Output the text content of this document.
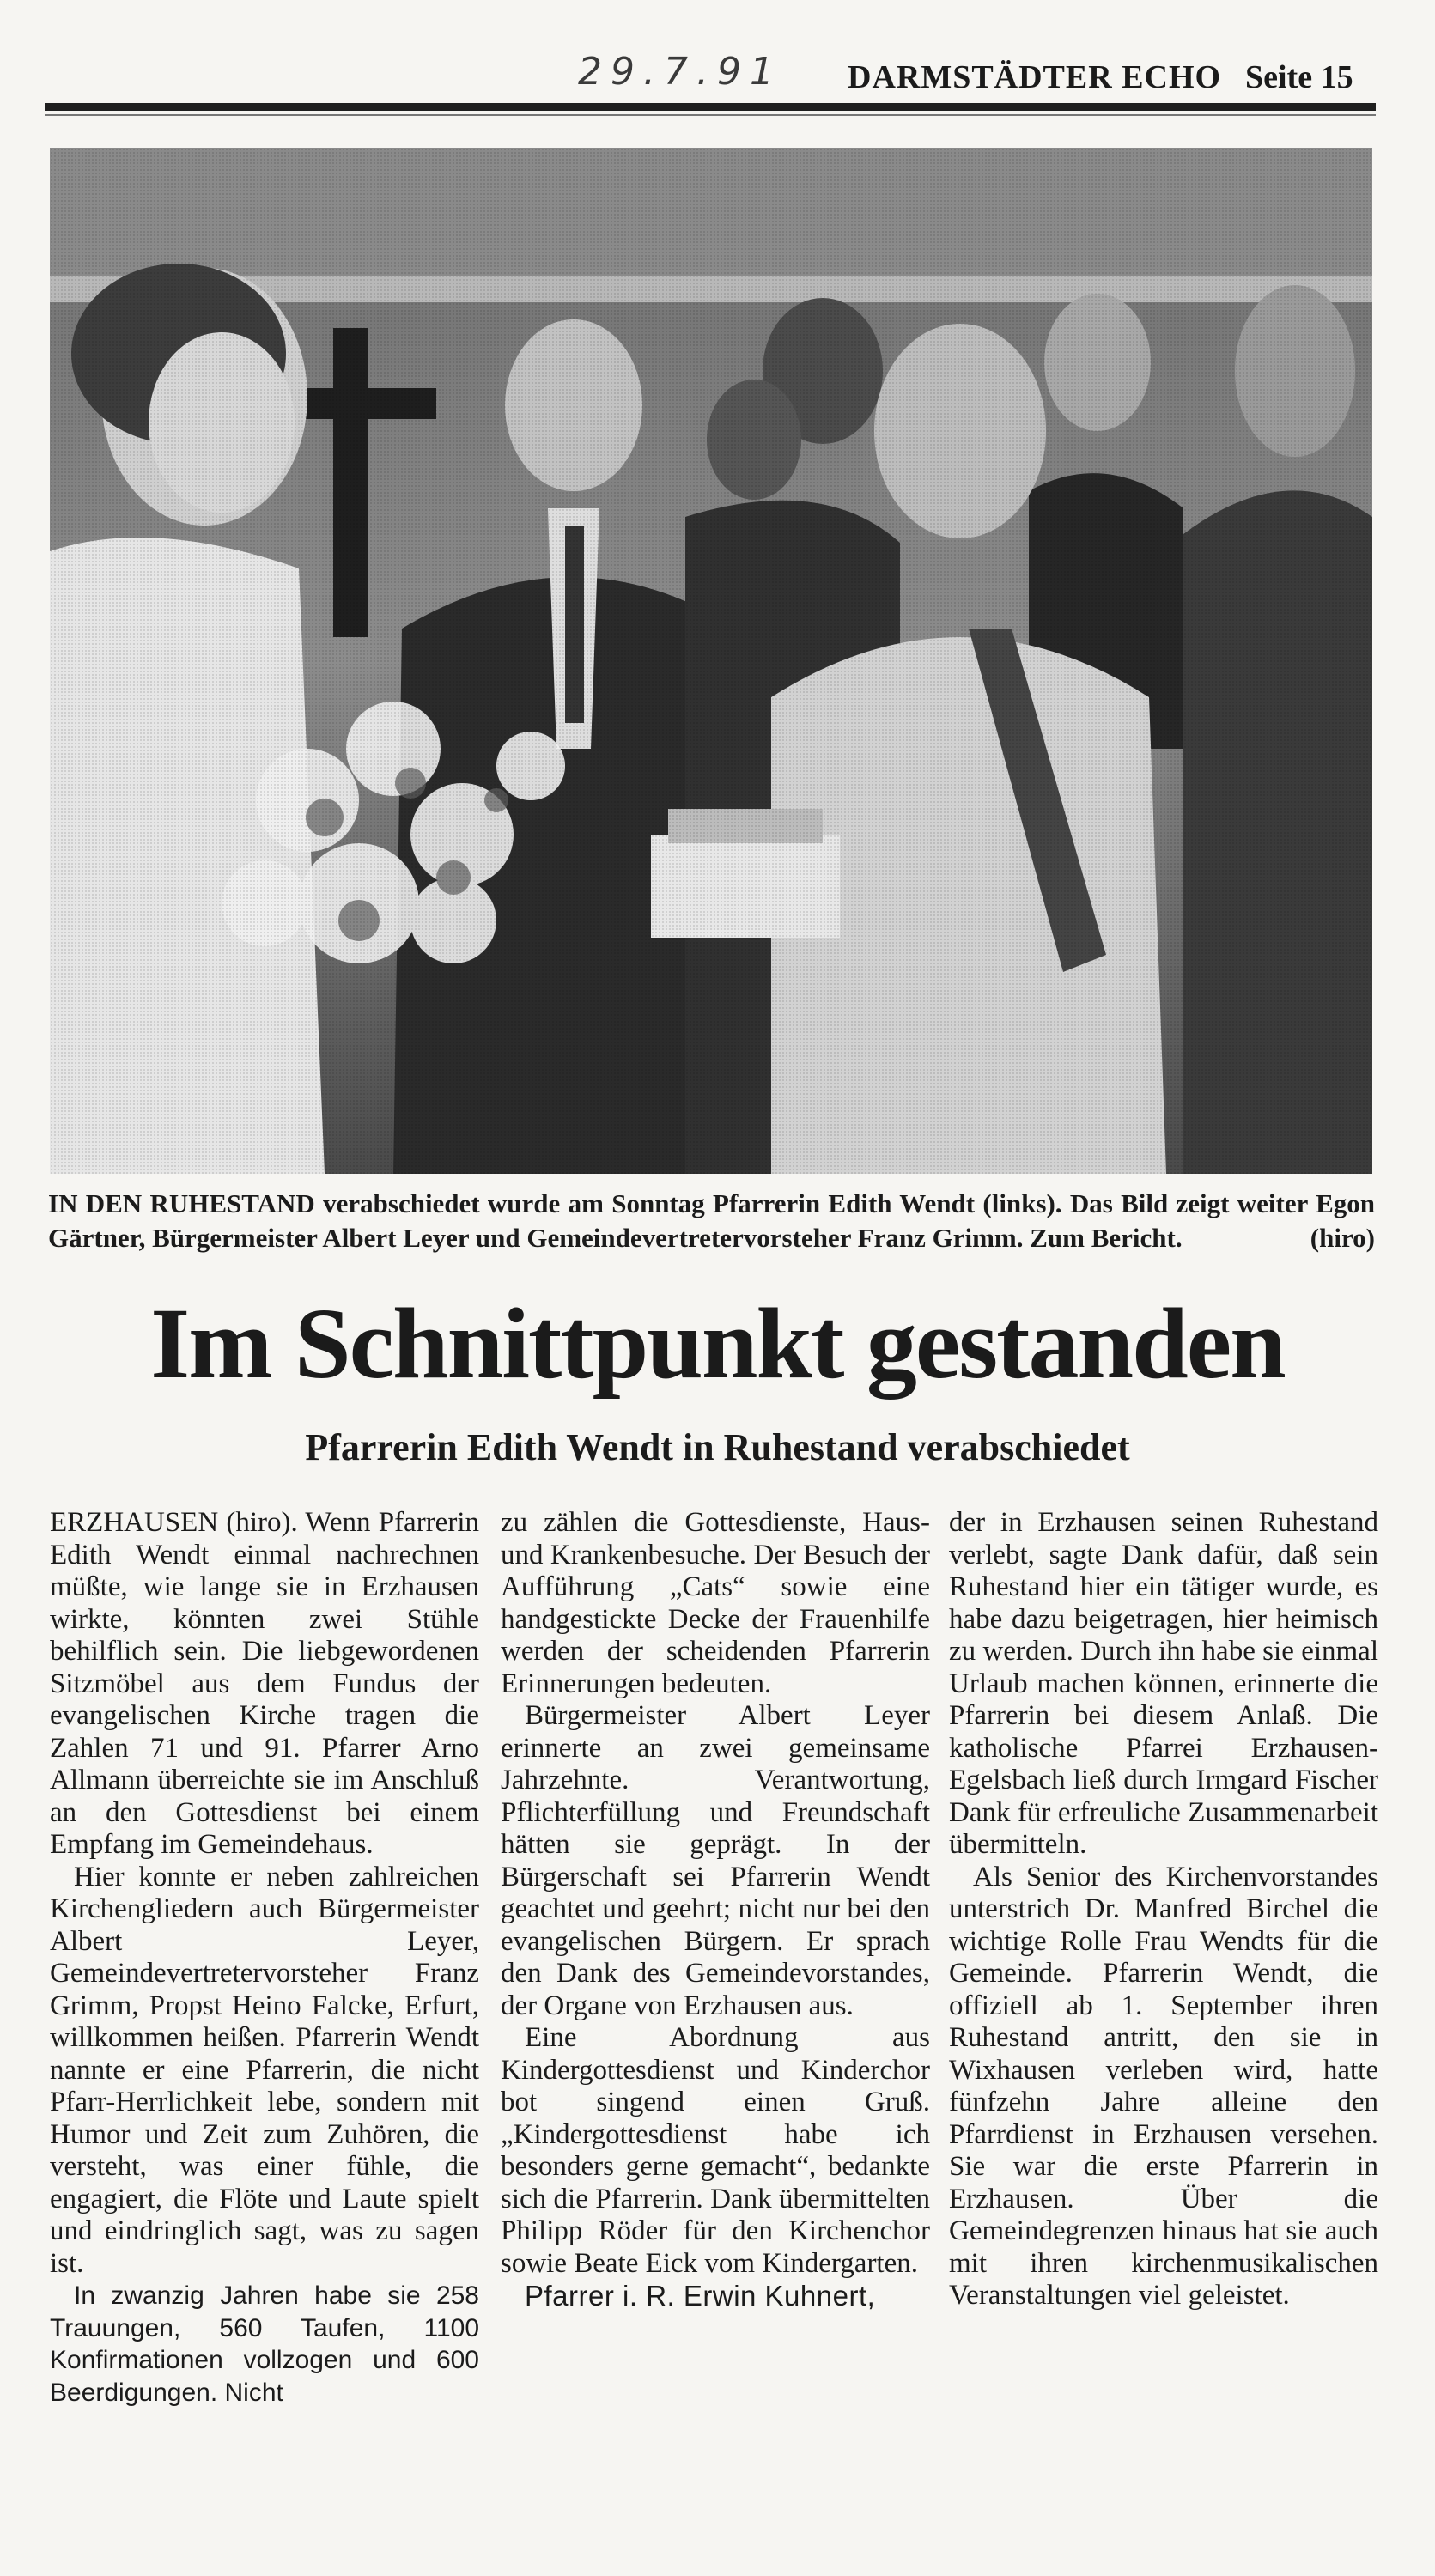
29.7.91 DARMSTÄDTER ECHO Seite 15
IN DEN RUHESTAND verabschiedet wurde am Sonntag Pfarrerin Edith Wendt (links). Das Bild zeigt weiter Egon Gärtner, Bürgermeister Albert Leyer und Gemeindevertretervorsteher Franz Grimm. Zum Bericht.	(hiro)
Im Schnittpunkt gestanden
Pfarrerin Edith Wendt in Ruhestand verabschiedet

ERZHAUSEN (hiro). Wenn Pfarrerin Edith Wendt einmal nachrechnen müßte, wie lange sie in Erzhausen wirkte, könnten zwei Stühle behilflich sein. Die liebgewordenen Sitzmöbel aus dem Fundus der evangelischen Kirche tragen die Zahlen 71 und 91. Pfarrer Arno Allmann überreichte sie im Anschluß an den Gottesdienst bei einem Empfang im Gemeindehaus.

Hier konnte er neben zahlreichen Kirchengliedern auch Bürgermeister Albert Leyer, Gemeindevertretervorsteher Franz Grimm, Propst Heino Falcke, Erfurt, willkommen heißen. Pfarrerin Wendt nannte er eine Pfarrerin, die nicht Pfarr-Herrlichkeit lebe, sondern mit Humor und Zeit zum Zuhören, die versteht, was einer fühle, die engagiert, die Flöte und Laute spielt und eindringlich sagt, was zu sagen ist.

In zwanzig Jahren habe sie 258 Trauungen, 560 Taufen, 1100 Konfirmationen vollzogen und 600 Beerdigungen. Nicht

zu zählen die Gottesdienste, Haus- und Krankenbesuche. Der Besuch der Aufführung „Cats“ sowie eine handgestickte Decke der Frauenhilfe werden der scheidenden Pfarrerin Erinnerungen bedeuten.

Bürgermeister Albert Leyer erinnerte an zwei gemeinsame Jahrzehnte. Verantwortung, Pflichterfüllung und Freundschaft hätten sie geprägt. In der Bürgerschaft sei Pfarrerin Wendt geachtet und geehrt; nicht nur bei den evangelischen Bürgern. Er sprach den Dank des Gemeindevorstandes, der Organe von Erzhausen aus.

Eine Abordnung aus Kindergottesdienst und Kinderchor bot singend einen Gruß. „Kindergottesdienst habe ich besonders gerne gemacht“, bedankte sich die Pfarrerin. Dank übermittelten Philipp Röder für den Kirchenchor sowie Beate Eick vom Kindergarten.

Pfarrer i. R. Erwin Kuhnert,

der in Erzhausen seinen Ruhestand verlebt, sagte Dank dafür, daß sein Ruhestand hier ein tätiger wurde, es habe dazu beigetragen, hier heimisch zu werden. Durch ihn habe sie einmal Urlaub machen können, erinnerte die Pfarrerin bei diesem Anlaß. Die katholische Pfarrei Erzhausen-Egelsbach ließ durch Irmgard Fischer Dank für erfreuliche Zusammenarbeit übermitteln.

Als Senior des Kirchenvorstandes unterstrich Dr. Manfred Birchel die wichtige Rolle Frau Wendts für die Gemeinde. Pfarrerin Wendt, die offiziell ab 1. September ihren Ruhestand antritt, den sie in Wixhausen verleben wird, hatte fünfzehn Jahre alleine den Pfarrdienst in Erzhausen versehen. Sie war die erste Pfarrerin in Erzhausen. Über die Gemeindegrenzen hinaus hat sie auch mit ihren kirchenmusikalischen Veranstaltungen viel geleistet.
